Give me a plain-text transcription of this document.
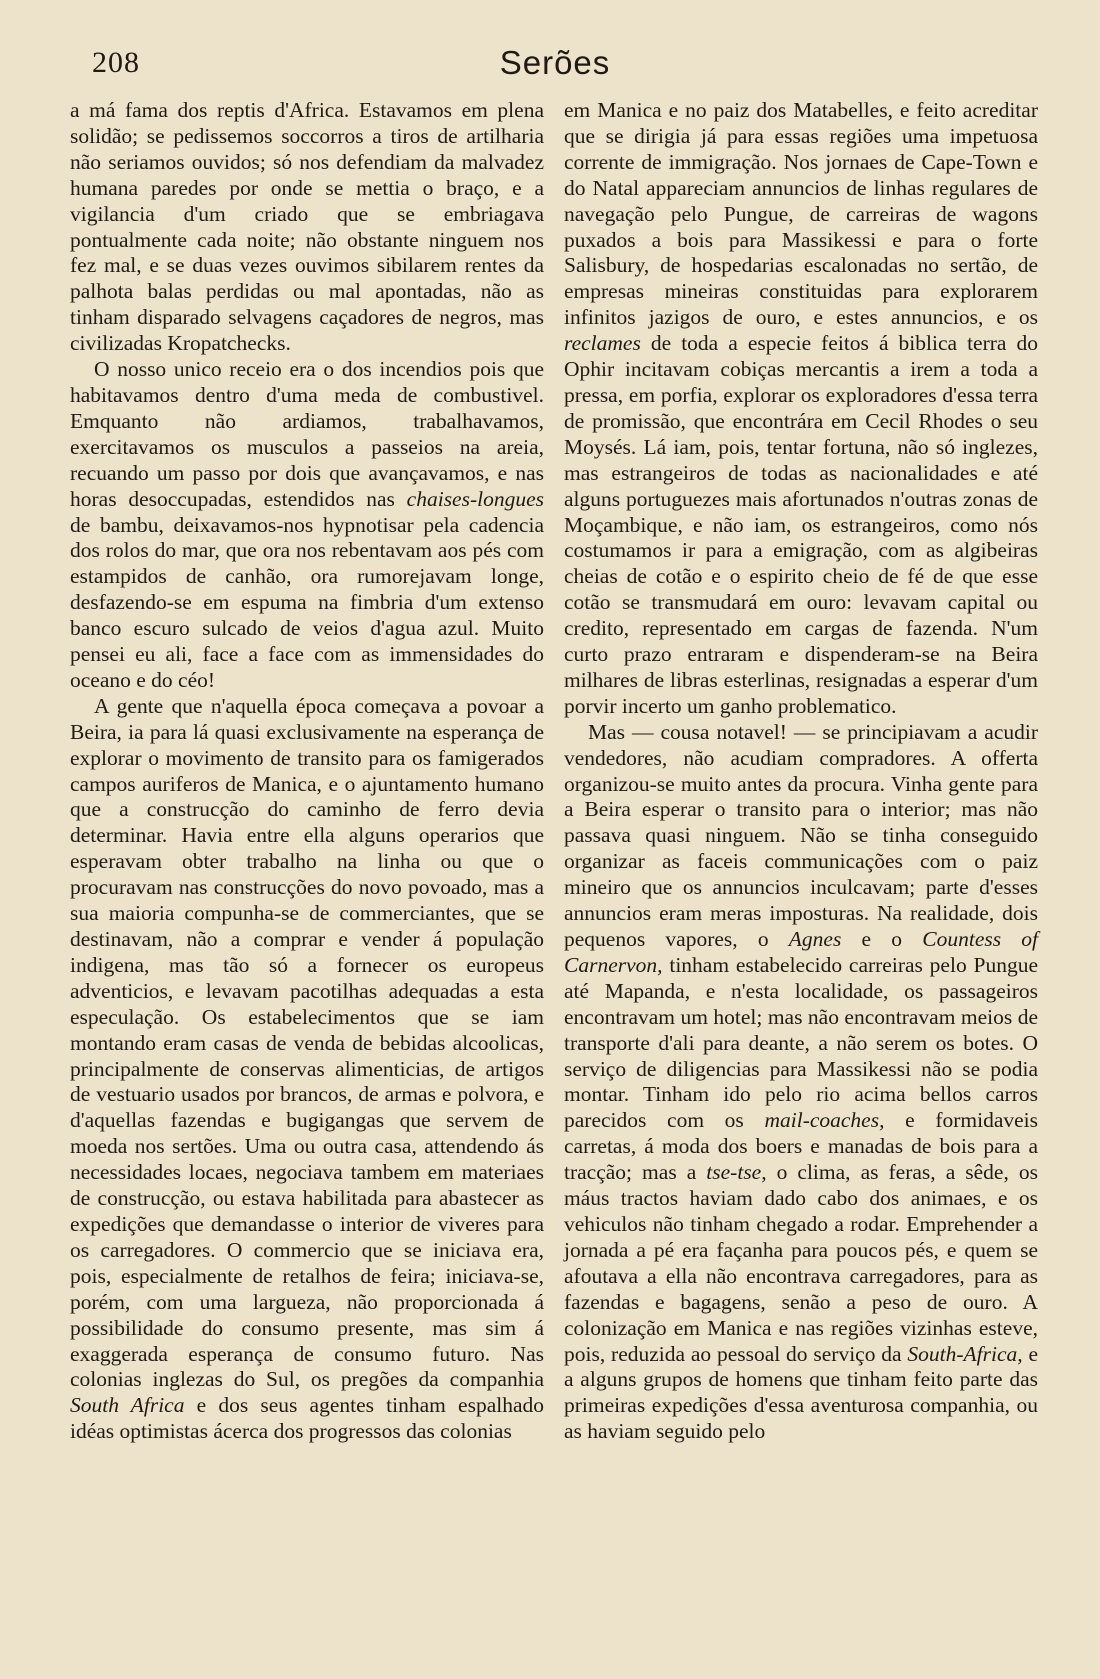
208	Serões

a má fama dos reptis d'Africa. Estavamos em plena solidão; se pedissemos soccorros a tiros de artilharia não seriamos ouvidos; só nos defendiam da malvadez humana paredes por onde se mettia o braço, e a vigilancia d'um criado que se embriagava pontualmente cada noite; não obstante ninguem nos fez mal, e se duas vezes ouvimos sibilarem rentes da palhota balas perdidas ou mal apontadas, não as tinham disparado selvagens caçadores de negros, mas civilizadas Kropatchecks.

O nosso unico receio era o dos incendios pois que habitavamos dentro d'uma meda de combustivel. Emquanto não ardiamos, trabalhavamos, exercitavamos os musculos a passeios na areia, recuando um passo por dois que avançavamos, e nas horas desoccupadas, estendidos nas chaises-longues de bambu, deixavamos-nos hypnotisar pela cadencia dos rolos do mar, que ora nos rebentavam aos pés com estampidos de canhão, ora rumorejavam longe, desfazendo-se em espuma na fimbria d'um extenso banco escuro sulcado de veios d'agua azul. Muito pensei eu ali, face a face com as immensidades do oceano e do céo!

A gente que n'aquella época começava a povoar a Beira, ia para lá quasi exclusivamente na esperança de explorar o movimento de transito para os famigerados campos auriferos de Manica, e o ajuntamento humano que a construcção do caminho de ferro devia determinar. Havia entre ella alguns operarios que esperavam obter trabalho na linha ou que o procuravam nas construcções do novo povoado, mas a sua maioria compunha-se de commerciantes, que se destinavam, não a comprar e vender á população indigena, mas tão só a fornecer os europeus adventicios, e levavam pacotilhas adequadas a esta especulação. Os estabelecimentos que se iam montando eram casas de venda de bebidas alcoolicas, principalmente de conservas alimenticias, de artigos de vestuario usados por brancos, de armas e polvora, e d'aquellas fazendas e bugigangas que servem de moeda nos sertões. Uma ou outra casa, attendendo ás necessidades locaes, negociava tambem em materiaes de construcção, ou estava habilitada para abastecer as expedições que demandasse o interior de viveres para os carregadores. O commercio que se iniciava era, pois, especialmente de retalhos de feira; iniciava-se, porém, com uma largueza, não proporcionada á possibilidade do consumo presente, mas sim á exaggerada esperança de consumo futuro. Nas colonias inglezas do Sul, os pregões da companhia South Africa e dos seus agentes tinham espalhado idéas optimistas ácerca dos progressos das colonias

em Manica e no paiz dos Matabelles, e feito acreditar que se dirigia já para essas regiões uma impetuosa corrente de immigração. Nos jornaes de Cape-Town e do Natal appareciam annuncios de linhas regulares de navegação pelo Pungue, de carreiras de wagons puxados a bois para Massikessi e para o forte Salisbury, de hospedarias escalonadas no sertão, de empresas mineiras constituidas para explorarem infinitos jazigos de ouro, e estes annuncios, e os reclames de toda a especie feitos á biblica terra do Ophir incitavam cobiças mercantis a irem a toda a pressa, em porfia, explorar os exploradores d'essa terra de promissão, que encontrára em Cecil Rhodes o seu Moysés. Lá iam, pois, tentar fortuna, não só inglezes, mas estrangeiros de todas as nacionalidades e até alguns portuguezes mais afortunados n'outras zonas de Moçambique, e não iam, os estrangeiros, como nós costumamos ir para a emigração, com as algibeiras cheias de cotão e o espirito cheio de fé de que esse cotão se transmudará em ouro: levavam capital ou credito, representado em cargas de fazenda. N'um curto prazo entraram e dispenderam-se na Beira milhares de libras esterlinas, resignadas a esperar d'um porvir incerto um ganho problematico.

Mas — cousa notavel! — se principiavam a acudir vendedores, não acudiam compradores. A offerta organizou-se muito antes da procura. Vinha gente para a Beira esperar o transito para o interior; mas não passava quasi ninguem. Não se tinha conseguido organizar as faceis communicações com o paiz mineiro que os annuncios inculcavam; parte d'esses annuncios eram meras imposturas. Na realidade, dois pequenos vapores, o Agnes e o Countess of Carnervon, tinham estabelecido carreiras pelo Pungue até Mapanda, e n'esta localidade, os passageiros encontravam um hotel; mas não encontravam meios de transporte d'ali para deante, a não serem os botes. O serviço de diligencias para Massikessi não se podia montar. Tinham ido pelo rio acima bellos carros parecidos com os mail-coaches, e formidaveis carretas, á moda dos boers e manadas de bois para a tracção; mas a tse-tse, o clima, as feras, a sêde, os máus tractos haviam dado cabo dos animaes, e os vehiculos não tinham chegado a rodar. Emprehender a jornada a pé era façanha para poucos pés, e quem se afoutava a ella não encontrava carregadores, para as fazendas e bagagens, senão a peso de ouro. A colonização em Manica e nas regiões vizinhas esteve, pois, reduzida ao pessoal do serviço da South-Africa, e a alguns grupos de homens que tinham feito parte das primeiras expedições d'essa aventurosa companhia, ou as haviam seguido pelo
